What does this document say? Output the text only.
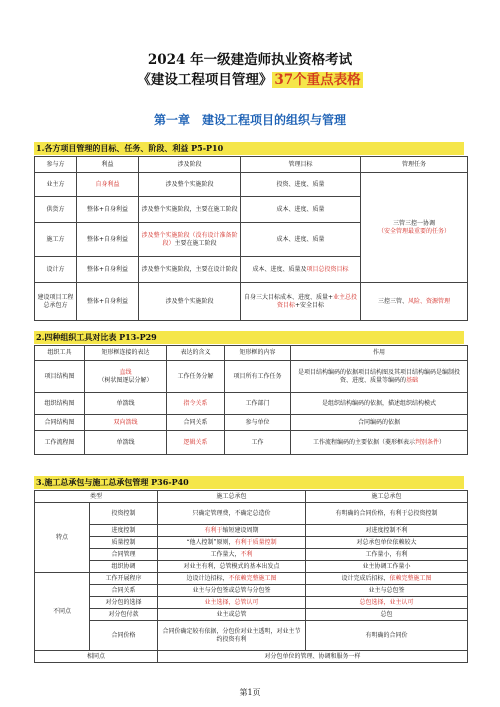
2024 年一级建造师执业资格考试
《建设工程项目管理》 37个重点表格
第一章　建设工程项目的组织与管理
1.各方项目管理的目标、任务、阶段、利益 P5-P10
参与方	利益	涉及阶段	管理目标	管理任务
业主方	自身利益	涉及整个实施阶段	投资、进度、质量	三管三控一协调
（安全管理最重要的任务）

供货方	整体+自身利益	涉及整个实施阶段，主要在施工阶段	成本、进度、质量	
施工方	整体+自身利益	涉及整个实施阶段（没有设计准备阶段）主要在施工阶段	成本、进度、质量	
设计方	整体+自身利益	涉及整个实施阶段，主要在设计阶段	成本、进度、质量及项目总投资目标	
建设项目工程总承包方	整体+自身利益	涉及整个实施阶段	自身三大目标成本、进度、质量+业主总投资目标+安全目标	三控三管、风险、资源管理
2.四种组织工具对比表 P13-P29
组织工具	矩形框连接的表达	表达的含义	矩形框的内容	作用
项目结构图	直线
（树状图逐层分解）	工作任务分解	项目所有工作任务	是项目结构编码的依据项目结构图及其项目结构编码是编制投资、进度、质量等编码的基础
组织结构图	单箭线	指令关系	工作部门	是组织结构编码的依据，描述组织结构模式
合同结构图	双向箭线	合同关系	参与单位	合同编码的依据
工作流程图	单箭线	逻辑关系	工作	工作流程编码的主要依据（菱形框表示判别条件）
3.施工总承包与施工总承包管理 P36-P40
类型		施工总承包	施工总承包
特点	投资控制	只确定管理费，不确定总造价	有明确的合同价格，有利于总投资控制
	进度控制	有利于缩短建设周期	对进度控制不利
	质量控制	“他人控制”原则，有利于质量控制	对总承包单位依赖较大
	合同管理	工作量大，不利	工作量小，有利
	组织协调	对业主有利，总管模式的基本出发点	业主协调工作量小
不同点	工作开展程序	边设计边招标，不依赖完整施工图	设计完成后招标，依赖完整施工图
	合同关系	业主与分包签或总管与分包签	业主与总包签
	对分包的选择	业主选择，总管认可	总包选择，业主认可
	对分包付款	业主或总管	总包
	合同价格	合同价确定较有依据，分包价对业主透明，对业主节约投资有利	有明确的合同价
相同点		对分包单位的管理、协调和服务一样	
第1页
